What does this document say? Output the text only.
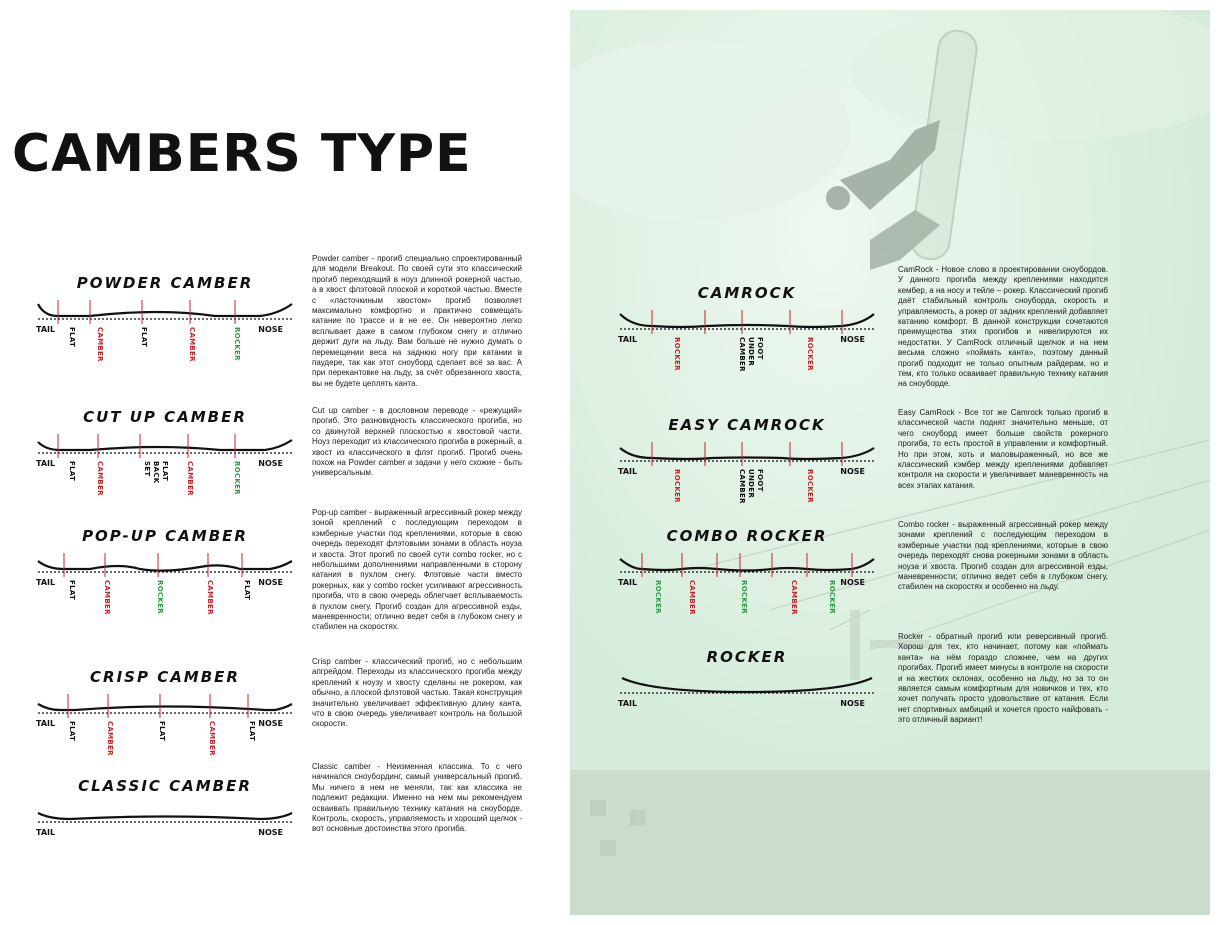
CAMBERS TYPE
POWDER CAMBER
FLAT	CAMBER	FLAT	CAMBER	ROCKER
TAIL	NOSE

Powder camber - прогиб специально спроектированный для модели Breakout. По своей сути это классический прогиб переходящий в ноуз длинной рокерной частью, а в хвост флэтовой плоской и короткой частью. Вместе с «ласточкиным хвостом» прогиб позволяет максимально комфортно и практично совмещать катание по трассе и в не ее. Он невероятно легко всплывает даже в самом глубоком снегу и отлично держит дуги на льду. Вам больше не нужно думать о перемещении веса на заднюю ногу при катании в паудере, так как этот сноуборд сделает всё за вас. А при перекантовке на льду, за счёт обрезанного хвоста, вы не будете цеплять канта.

CUT UP CAMBER
FLAT	CAMBER	SET BACK FLAT CAMBER	ROCKER
TAIL	NOSE

Cut up camber - в дословном переводе - «режущий» прогиб. Это разновидность классического прогиба, но со двинутой верхней плоскостью к хвостовой части. Ноуз переходит из классического прогиба в рокерный, а хвост из классического в флэт прогиб. Прогиб очень похож на Powder camber и задачи у него схожие - быть универсальным.

POP-UP CAMBER
FLAT	CAMBER	ROCKER	CAMBER	FLAT
TAIL	NOSE

Pop-up camber - выраженный агрессивный рокер между зоной креплений с последующим переходом в кэмберные участки под креплениями, которые в свою очередь переходят флэтовыми зонами в область ноуза и хвоста. Этот прогиб по своей сути combo rocker, но с небольшими дополнениями направленными в сторону катания в пухлом снегу. Флэтовые части вместо рокерных, как у combo rocker усиливают агрессивность прогиба, что в свою очередь облегчает всплываемость в пухлом снегу. Прогиб создан для агрессивной езды, маневренности; отлично ведет себя в глубоком снегу и стабилен на скоростях.

CRISP CAMBER
FLAT	CAMBER	FLAT	CAMBER	FLAT
TAIL	NOSE

Crisp camber - классический прогиб, но с небольшим апгрейдом. Переходы из классического прогиба между креплений к ноузу и хвосту сделаны не рокером, как обычно, а плоской флэтовой частью. Такая конструкция значительно увеличивает эффективную длину канта, что в свою очередь увеличивает контроль на большой скорости.

CLASSIC CAMBER
TAIL	NOSE

Classic camber - Неизменная классика. То с чего начинался сноубординг, самый универсальный прогиб. Мы ничего в нем не меняли, так как классика не подлежит редакции. Именно на нем мы рекомендуем осваивать правильную технику катания на сноуборде. Контроль, скорость, управляемость и хороший щелчок - вот основные достоинства этого прогиба.

CAMROCK
ROCKER	CAMBER UNDER FOOT	ROCKER
TAIL	NOSE

CamRock - Новое слово в проектировании сноубордов. У данного прогиба между креплениями находится кембер, а на носу и тейле – рокер. Классический прогиб даёт стабильный контроль сноуборда, скорость и управляемость, а рокер от задних креплений добавляет катанию комфорт. В данной конструкции сочетаются преимущества этих прогибов и нивелируются их недостатки. У CamRock отличный щелчок и на нем весьма сложно «поймать канта», поэтому данный прогиб подходит не только опытным райдерам, но и тем, кто только осваивает правильную технику катания на сноуборде.

EASY CAMROCK
ROCKER	CAMBER UNDER FOOT	ROCKER
TAIL	NOSE

Easy CamRock - Все тот же Camrock только прогиб в классической части поднят значительно меньше, от чего сноуборд имеет больше свойств рокерного прогиба, то есть простой в управлении и комфортный. Но при этом, хоть и маловыраженный, но все же классический кэмбер между креплениями добавляет контроля на скорости и увеличивает маневренность на всех этапах катания.

COMBO ROCKER
ROCKER	CAMBER	ROCKER	CAMBER	ROCKER
TAIL	NOSE

Combo rocker - выраженный агрессивный рокер между зонами креплений с последующим переходом в кэмберные участки под креплениями, которые в свою очередь переходят снова рокерными зонами в область ноуза и хвоста. Прогиб создан для агрессивной езды, маневренности; отлично ведет себя в глубоком снегу, стабилен на скоростях и особенно на льду.

ROCKER
TAIL	NOSE

Rocker - обратный прогиб или реверсивный прогиб. Хорош для тех, кто начинает, потому как «поймать канта» на нём гораздо сложнее, чем на других прогибах. Прогиб имеет минусы в контроле на скорости и на жестких склонах, особенно на льду, но за то он является самым комфортным для новичков и тех, кто хочет получать просто удовольствие от катания. Если нет спортивных амбиций и хочется просто найфовать - это отличный вариант!
